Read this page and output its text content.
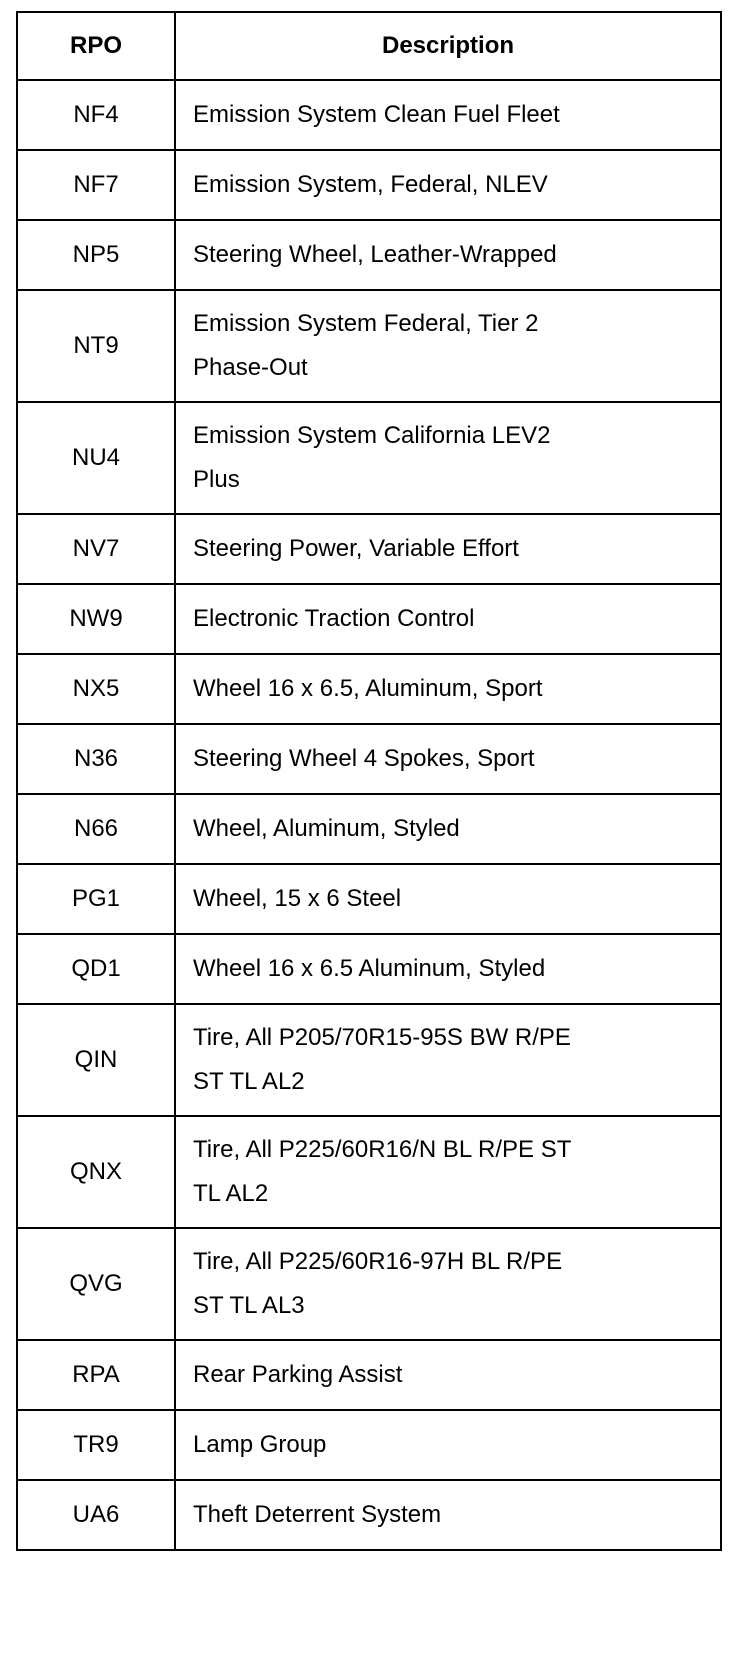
RPO	Description
NF4	Emission System Clean Fuel Fleet

NF7	Emission System, Federal, NLEV

NP5	Steering Wheel, Leather-Wrapped

NT9	Emission System Federal, Tier 2
Phase-Out

NU4	Emission System California LEV2
Plus

NV7	Steering Power, Variable Effort

NW9	Electronic Traction Control

NX5	Wheel 16 x 6.5, Aluminum, Sport

N36	Steering Wheel 4 Spokes, Sport

N66	Wheel, Aluminum, Styled

PG1	Wheel, 15 x 6 Steel

QD1	Wheel 16 x 6.5 Aluminum, Styled

QIN	Tire, All P205/70R15-95S BW R/PE
ST TL AL2

QNX	Tire, All P225/60R16/N BL R/PE ST
TL AL2

QVG	Tire, All P225/60R16-97H BL R/PE
ST TL AL3

RPA	Rear Parking Assist

TR9	Lamp Group

UA6	Theft Deterrent System
